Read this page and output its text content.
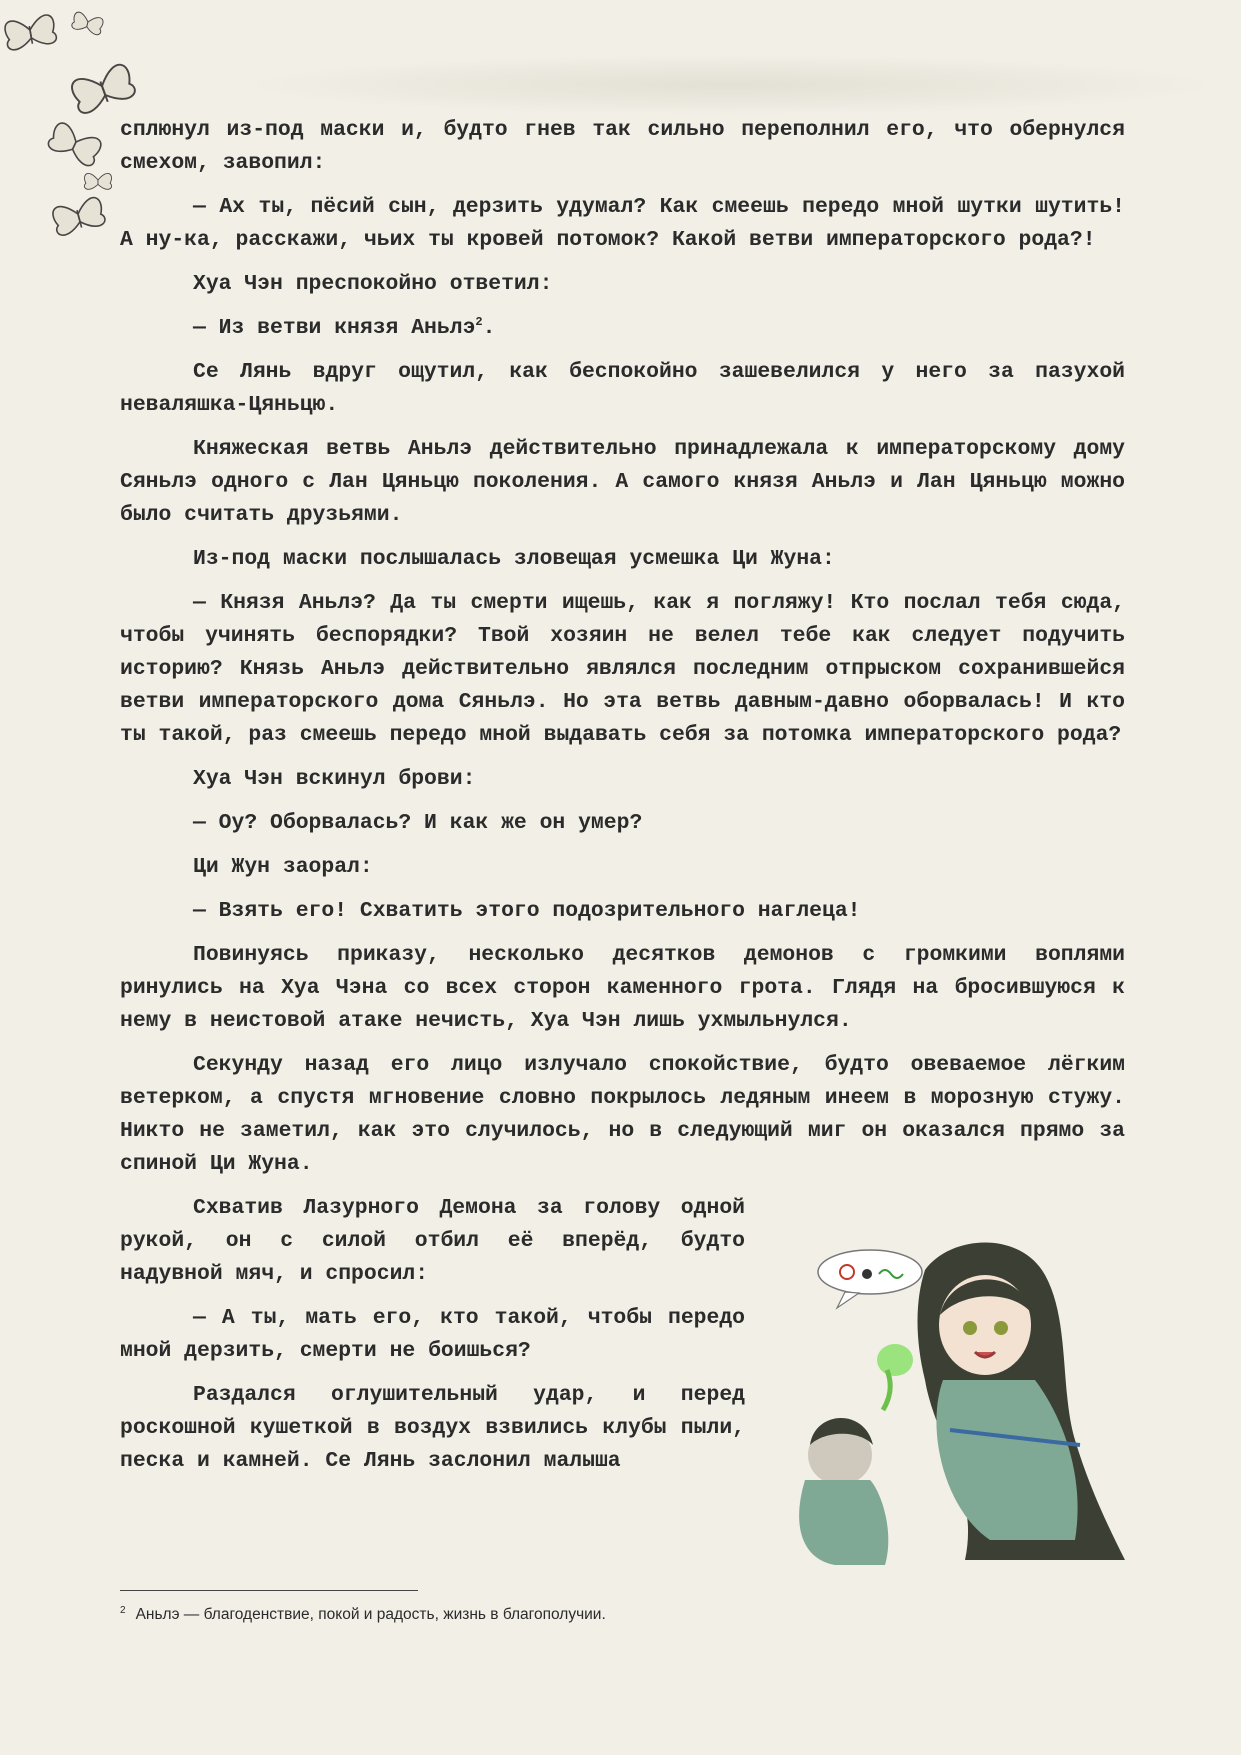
сплюнул из-под маски и, будто гнев так сильно переполнил его, что обернулся смехом, завопил:

— Ах ты, пёсий сын, дерзить удумал? Как смеешь передо мной шутки шутить! А ну-ка, расскажи, чьих ты кровей потомок? Какой ветви императорского рода?!

Хуа Чэн преспокойно ответил:

— Из ветви князя Аньлэ$^2$.

Се Лянь вдруг ощутил, как беспокойно зашевелился у него за пазухой неваляшка-Цяньцю.

Княжеская ветвь Аньлэ действительно принадлежала к императорскому дому Сяньлэ одного с Лан Цяньцю поколения. А самого князя Аньлэ и Лан Цяньцю можно было считать друзьями.

Из-под маски послышалась зловещая усмешка Ци Жуна:

— Князя Аньлэ? Да ты смерти ищешь, как я погляжу! Кто послал тебя сюда, чтобы учинять беспорядки? Твой хозяин не велел тебе как следует подучить историю? Князь Аньлэ действительно являлся последним отпрыском сохранившейся ветви императорского дома Сяньлэ. Но эта ветвь давным-давно оборвалась! И кто ты такой, раз смеешь передо мной выдавать себя за потомка императорского рода?

Хуа Чэн вскинул брови:

— Оу? Оборвалась? И как же он умер?

Ци Жун заорал:

— Взять его! Схватить этого подозрительного наглеца!

Повинуясь приказу, несколько десятков демонов с громкими воплями ринулись на Хуа Чэна со всех сторон каменного грота. Глядя на бросившуюся к нему в неистовой атаке нечисть, Хуа Чэн лишь ухмыльнулся.

Секунду назад его лицо излучало спокойствие, будто овеваемое лёгким ветерком, а спустя мгновение словно покрылось ледяным инеем в морозную стужу. Никто не заметил, как это случилось, но в следующий миг он оказался прямо за спиной Ци Жуна.

Схватив Лазурного Демона за голову одной рукой, он с силой отбил её вперёд, будто надувной мяч, и спросил:

— А ты, мать его, кто такой, чтобы передо мной дерзить, смерти не боишься?

Раздался оглушительный удар, и перед роскошной кушеткой в воздух взвились клубы пыли, песка и камней. Се Лянь заслонил малыша

$^2$ Аньлэ — благоденствие, покой и радость, жизнь в благополучии.
